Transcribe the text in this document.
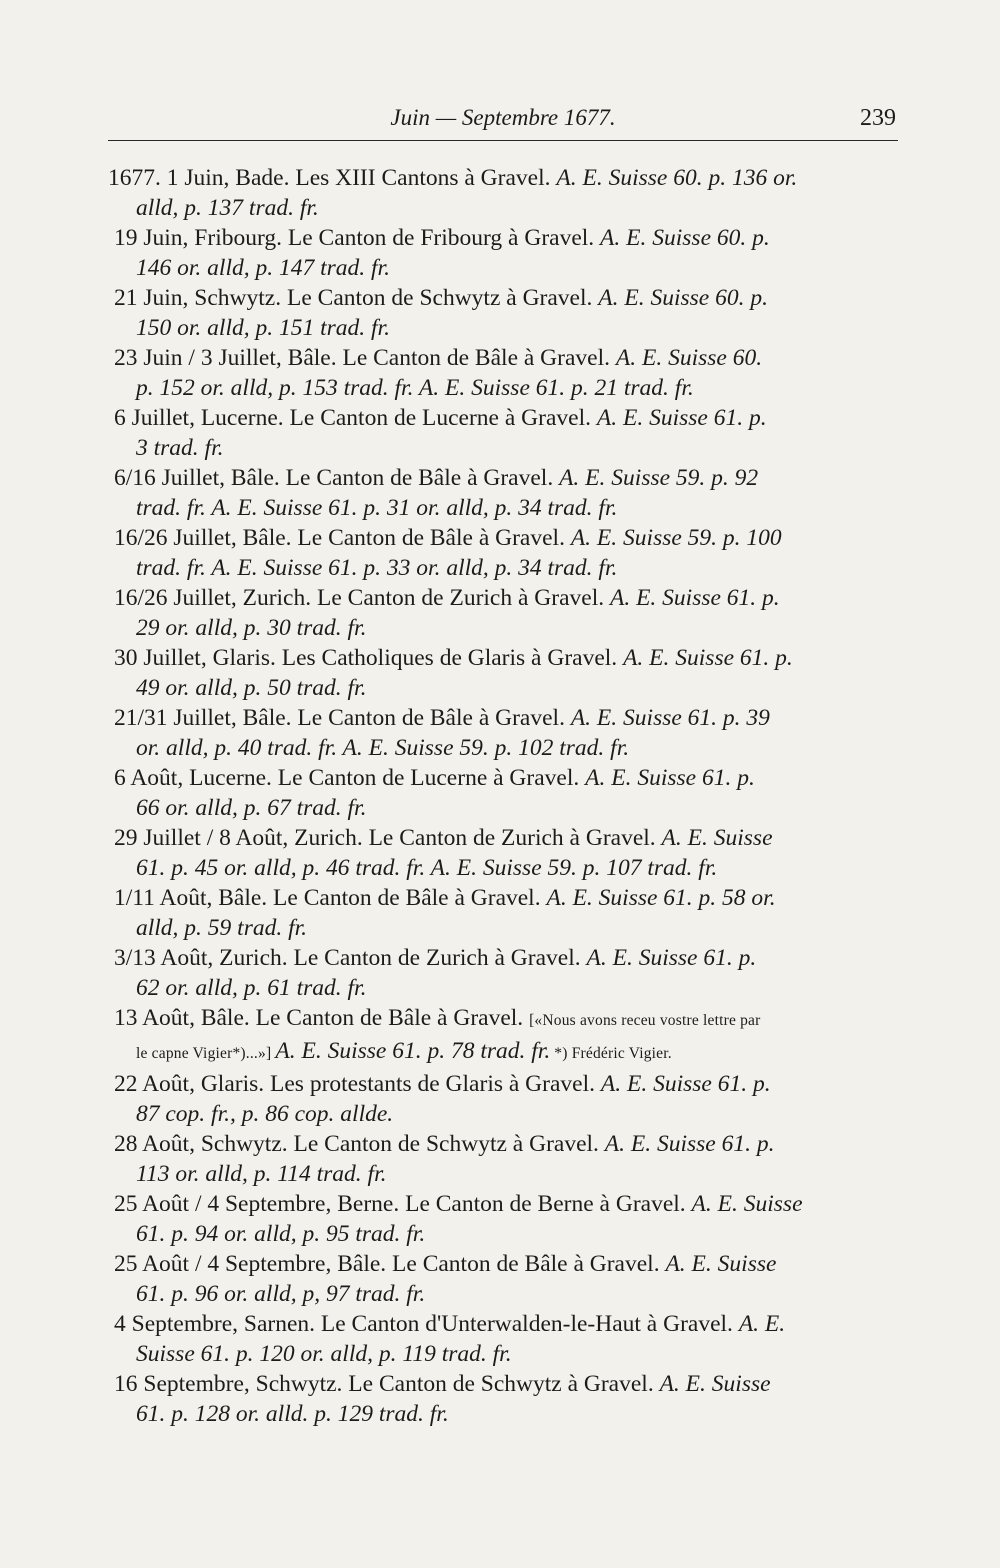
Juin — Septembre 1677.	239

1677. 1 Juin, Bade. Les XIII Cantons à Gravel. A. E. Suisse 60. p. 136 or.
alld, p. 137 trad. fr.

19 Juin, Fribourg. Le Canton de Fribourg à Gravel. A. E. Suisse 60. p.
146 or. alld, p. 147 trad. fr.

21 Juin, Schwytz. Le Canton de Schwytz à Gravel. A. E. Suisse 60. p.
150 or. alld, p. 151 trad. fr.

23 Juin / 3 Juillet, Bâle. Le Canton de Bâle à Gravel. A. E. Suisse 60.
p. 152 or. alld, p. 153 trad. fr. A. E. Suisse 61. p. 21 trad. fr.

6 Juillet, Lucerne. Le Canton de Lucerne à Gravel. A. E. Suisse 61. p.
3 trad. fr.

6/16 Juillet, Bâle. Le Canton de Bâle à Gravel. A. E. Suisse 59. p. 92
trad. fr. A. E. Suisse 61. p. 31 or. alld, p. 34 trad. fr.

16/26 Juillet, Bâle. Le Canton de Bâle à Gravel. A. E. Suisse 59. p. 100
trad. fr. A. E. Suisse 61. p. 33 or. alld, p. 34 trad. fr.

16/26 Juillet, Zurich. Le Canton de Zurich à Gravel. A. E. Suisse 61. p.
29 or. alld, p. 30 trad. fr.

30 Juillet, Glaris. Les Catholiques de Glaris à Gravel. A. E. Suisse 61. p.
49 or. alld, p. 50 trad. fr.

21/31 Juillet, Bâle. Le Canton de Bâle à Gravel. A. E. Suisse 61. p. 39
or. alld, p. 40 trad. fr. A. E. Suisse 59. p. 102 trad. fr.

6 Août, Lucerne. Le Canton de Lucerne à Gravel. A. E. Suisse 61. p.
66 or. alld, p. 67 trad. fr.

29 Juillet / 8 Août, Zurich. Le Canton de Zurich à Gravel. A. E. Suisse
61. p. 45 or. alld, p. 46 trad. fr. A. E. Suisse 59. p. 107 trad. fr.

1/11 Août, Bâle. Le Canton de Bâle à Gravel. A. E. Suisse 61. p. 58 or.
alld, p. 59 trad. fr.

3/13 Août, Zurich. Le Canton de Zurich à Gravel. A. E. Suisse 61. p.
62 or. alld, p. 61 trad. fr.

13 Août, Bâle. Le Canton de Bâle à Gravel. [«Nous avons receu vostre lettre par
le capne Vigier*)...»] A. E. Suisse 61. p. 78 trad. fr. *) Frédéric Vigier.

22 Août, Glaris. Les protestants de Glaris à Gravel. A. E. Suisse 61. p.
87 cop. fr., p. 86 cop. allde.

28 Août, Schwytz. Le Canton de Schwytz à Gravel. A. E. Suisse 61. p.
113 or. alld, p. 114 trad. fr.

25 Août / 4 Septembre, Berne. Le Canton de Berne à Gravel. A. E. Suisse
61. p. 94 or. alld, p. 95 trad. fr.

25 Août / 4 Septembre, Bâle. Le Canton de Bâle à Gravel. A. E. Suisse
61. p. 96 or. alld, p, 97 trad. fr.

4 Septembre, Sarnen. Le Canton d'Unterwalden-le-Haut à Gravel. A. E.
Suisse 61. p. 120 or. alld, p. 119 trad. fr.

16 Septembre, Schwytz. Le Canton de Schwytz à Gravel. A. E. Suisse
61. p. 128 or. alld. p. 129 trad. fr.
